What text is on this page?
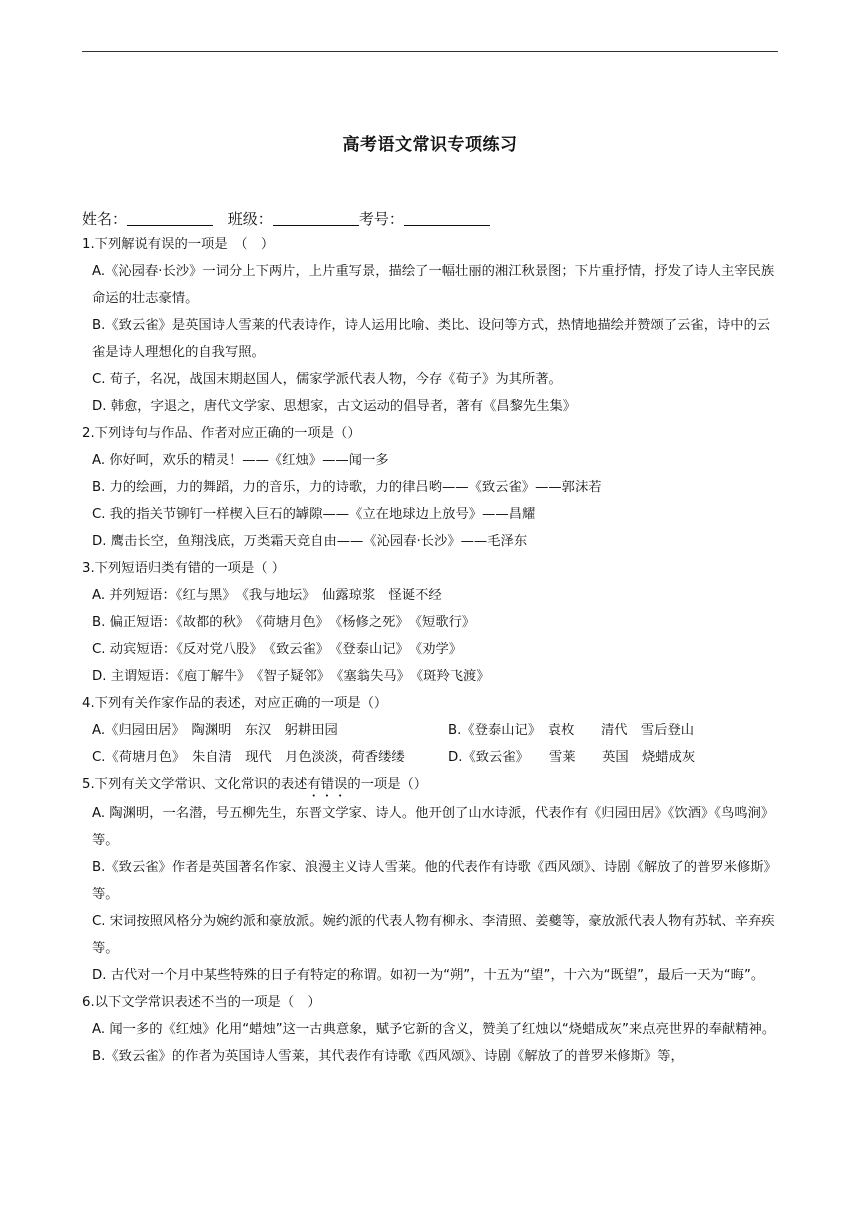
高考语文常识专项练习
姓名：	班级：	考号：

1.下列解说有误的一项是　（　）

A.《沁园春·长沙》一词分上下两片，上片重写景，描绘了一幅壮丽的湘江秋景图；下片重抒情，抒发了诗人主宰民族命运的壮志豪情。

B.《致云雀》是英国诗人雪莱的代表诗作，诗人运用比喻、类比、设问等方式，热情地描绘并赞颂了云雀，诗中的云雀是诗人理想化的自我写照。

C. 荀子，名况，战国末期赵国人，儒家学派代表人物，今存《荀子》为其所著。

D. 韩愈，字退之，唐代文学家、思想家，古文运动的倡导者，著有《昌黎先生集》

2.下列诗句与作品、作者对应正确的一项是（）

A. 你好呵，欢乐的精灵！——《红烛》——闻一多

B. 力的绘画，力的舞蹈，力的音乐，力的诗歌，力的律吕哟——《致云雀》——郭沫若

C. 我的指关节铆钉一样楔入巨石的罅隙——《立在地球边上放号》——昌耀

D. 鹰击长空，鱼翔浅底，万类霜天竞自由——《沁园春·长沙》——毛泽东

3.下列短语归类有错的一项是（ ）

A. 并列短语：《红与黑》　《我与地坛》　仙露琼浆　怪诞不经

B. 偏正短语：《故都的秋》　《荷塘月色》　《杨修之死》　《短歌行》

C. 动宾短语：《反对党八股》　《致云雀》　《登泰山记》　《劝学》

D. 主谓短语：《庖丁解牛》　《智子疑邻》　《塞翁失马》　《斑羚飞渡》

4.下列有关作家作品的表述，对应正确的一项是（）

A.《归园田居》　陶渊明　东汉　躬耕田园	B.《登泰山记》　袁枚　　清代　雪后登山
C.《荷塘月色》　朱自清　现代　月色淡淡，荷香缕缕	D.《致云雀》　　雪莱　　英国　烧蜡成灰

5.下列有关文学常识、文化常识的表述有错误的一项是（）

A. 陶渊明，一名潜，号五柳先生，东晋文学家、诗人。他开创了山水诗派，代表作有《归园田居》《饮酒》《鸟鸣涧》等。

B.《致云雀》作者是英国著名作家、浪漫主义诗人雪莱。他的代表作有诗歌《西风颂》、诗剧《解放了的普罗米修斯》等。

C. 宋词按照风格分为婉约派和豪放派。婉约派的代表人物有柳永、李清照、姜夔等，豪放派代表人物有苏轼、辛弃疾等。

D. 古代对一个月中某些特殊的日子有特定的称谓。如初一为“朔”，十五为“望”，十六为“既望”，最后一天为“晦”。

6.以下文学常识表述不当的一项是（　）

A. 闻一多的《红烛》化用“蜡烛”这一古典意象，赋予它新的含义，赞美了红烛以“烧蜡成灰”来点亮世界的奉献精神。

B.《致云雀》的作者为英国诗人雪莱，其代表作有诗歌《西风颂》、诗剧《解放了的普罗米修斯》等，
